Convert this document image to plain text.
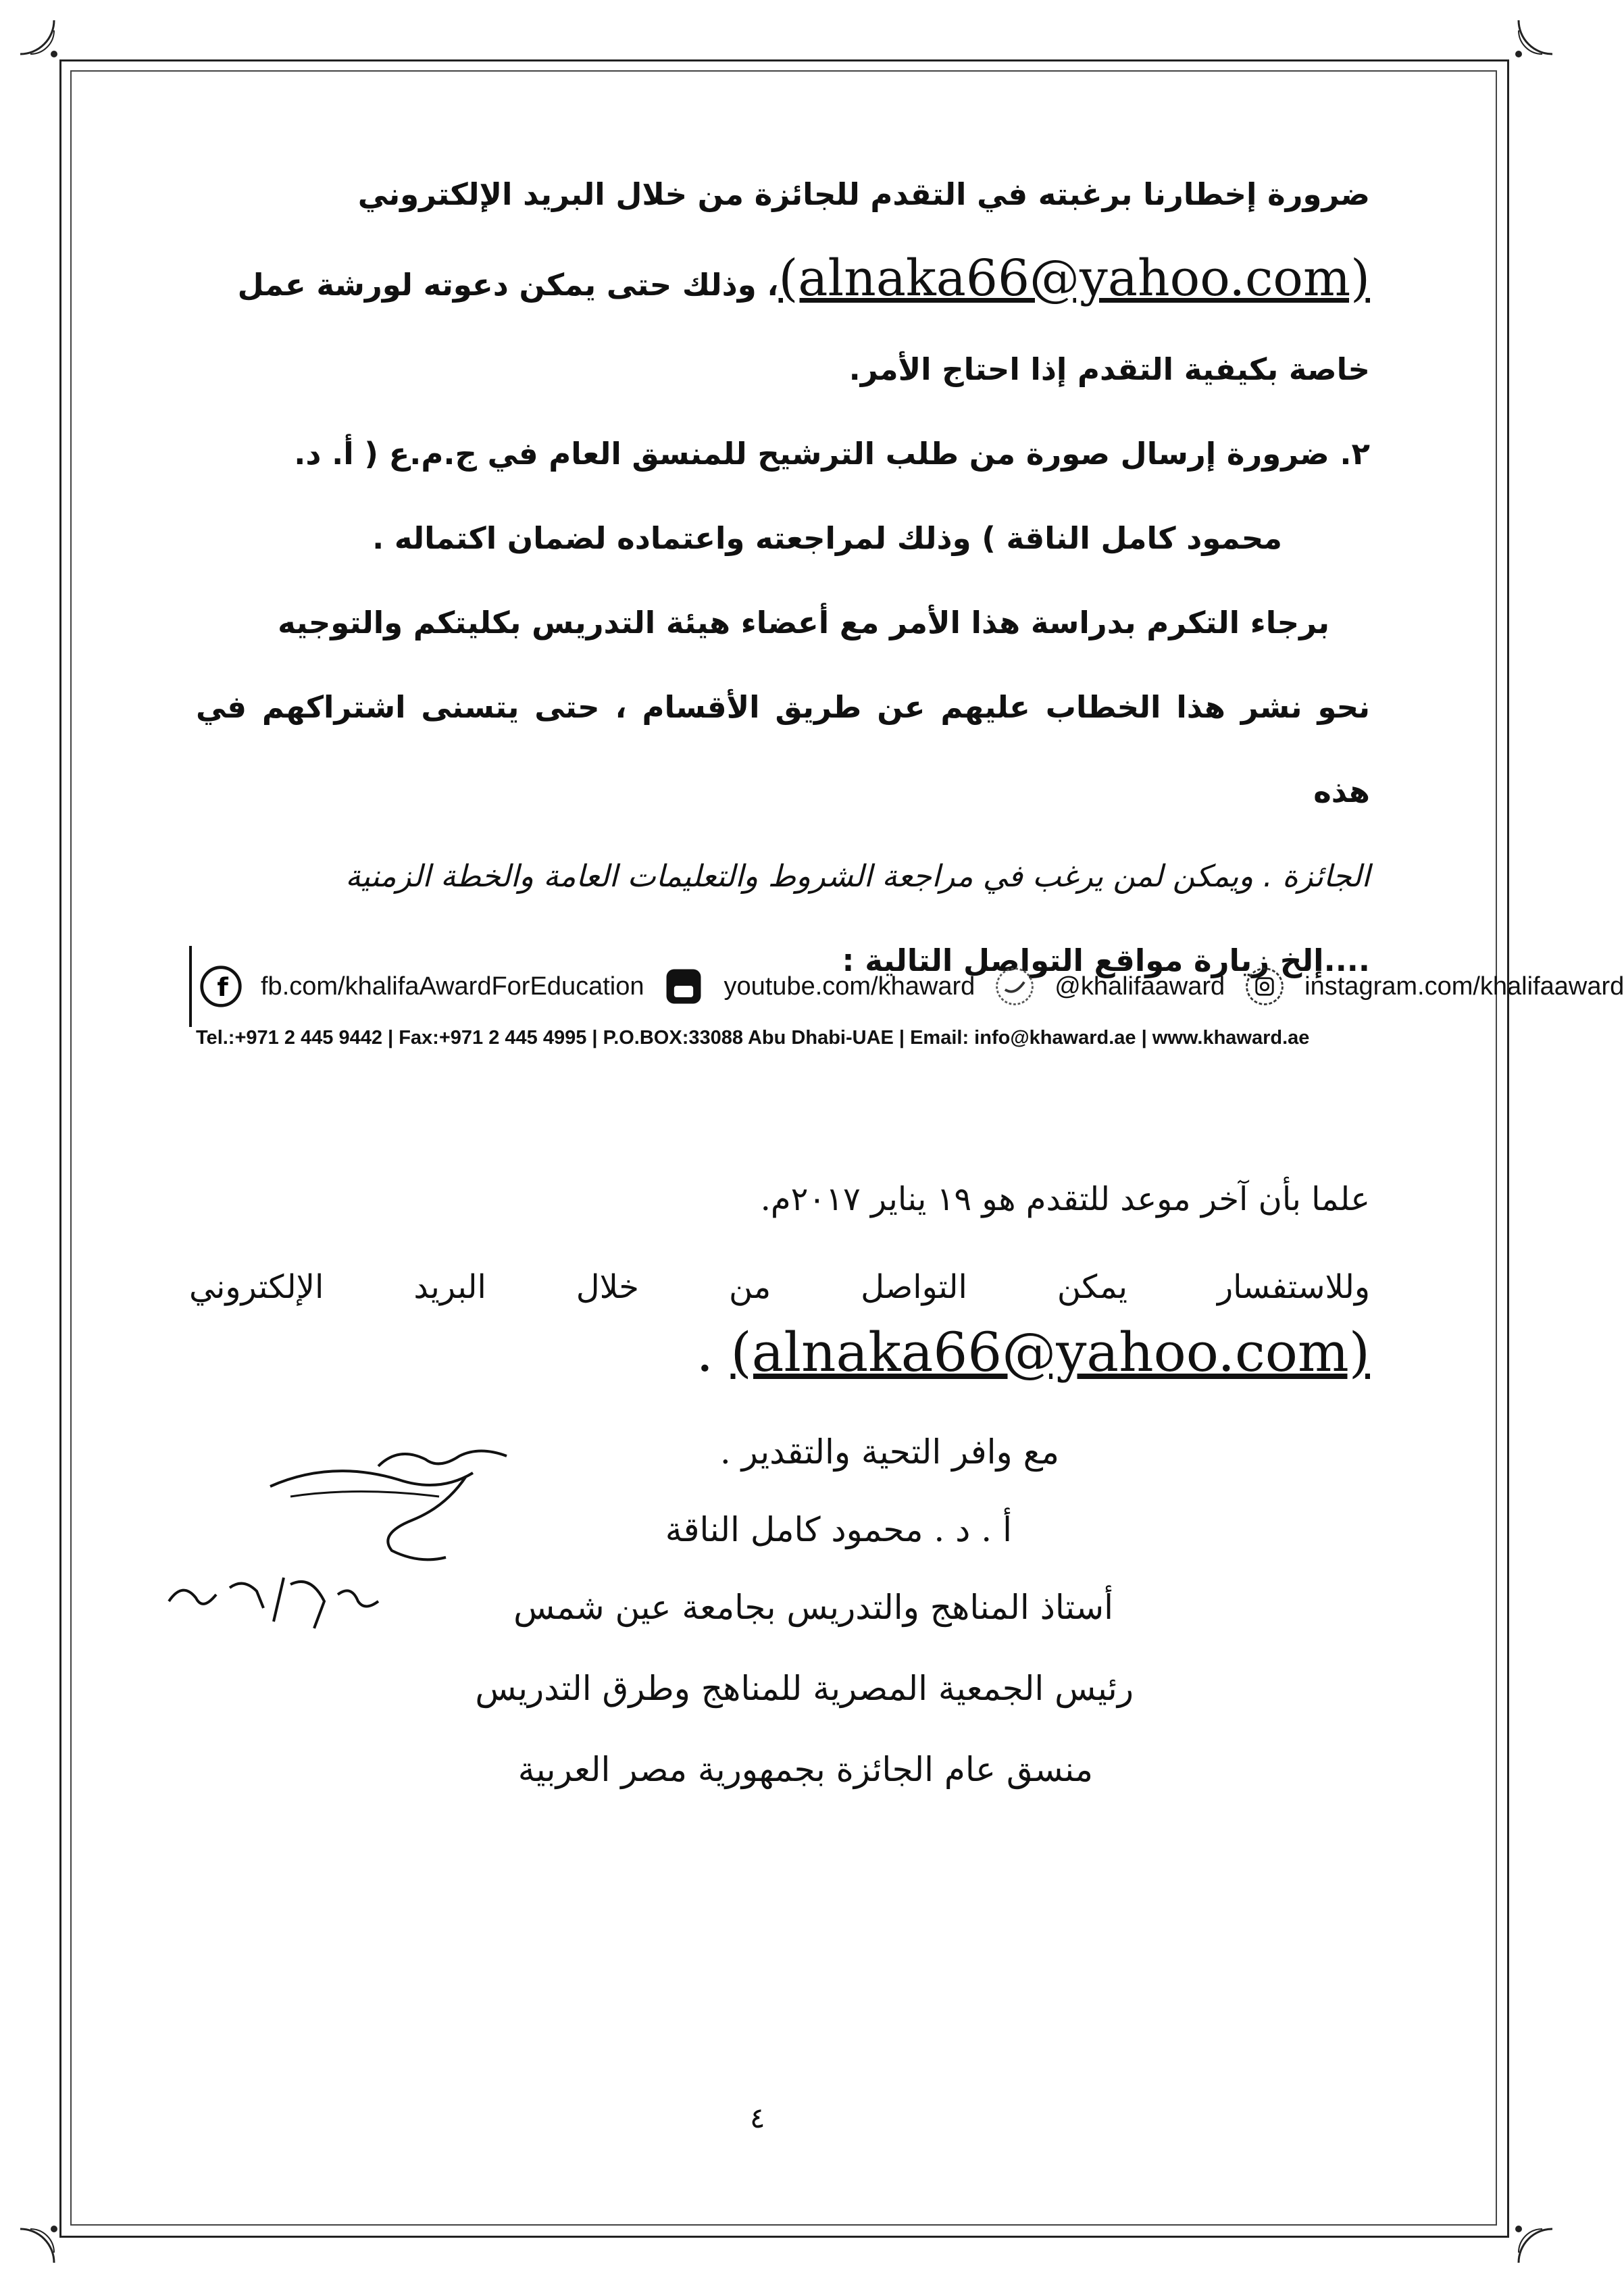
ضرورة إخطارنا برغبته في التقدم للجائزة من خلال البريد الإلكتروني
(alnaka66@yahoo.com)، وذلك حتى يمكن دعوته لورشة عمل
خاصة بكيفية التقدم إذا احتاج الأمر.
٢. ضرورة إرسال صورة من طلب الترشيح للمنسق العام في ج.م.ع ( أ. د.
محمود كامل الناقة ) وذلك لمراجعته واعتماده لضمان اكتماله .
برجاء التكرم بدراسة هذا الأمر مع أعضاء هيئة التدريس بكليتكم والتوجيه
نحو نشر هذا الخطاب عليهم عن طريق الأقسام ، حتى يتسنى اشتراكهم في هذه
الجائزة . ويمكن لمن يرغب في مراجعة الشروط والتعليمات العامة والخطة الزمنية
....إلخ زيارة مواقع التواصل التالية :
f fb.com/khalifaAwardForEducation	youtube.com/khaward	@khalifaaward	instagram.com/khalifaaward
Tel.:+971 2 445 9442 | Fax:+971 2 445 4995 | P.O.BOX:33088 Abu Dhabi-UAE | Email: info@khaward.ae | www.khaward.ae
علما بأن آخر موعد للتقدم هو ١٩ يناير ٢٠١٧م.
وللاستفسار
يمكن
التواصل
من
خلال
البريد
الإلكتروني
. (alnaka66@yahoo.com)
مع وافر التحية والتقدير .
أ . د . محمود كامل الناقة
أستاذ المناهج والتدريس بجامعة عين شمس
رئيس الجمعية المصرية للمناهج وطرق التدريس
منسق عام الجائزة بجمهورية مصر العربية
٤
